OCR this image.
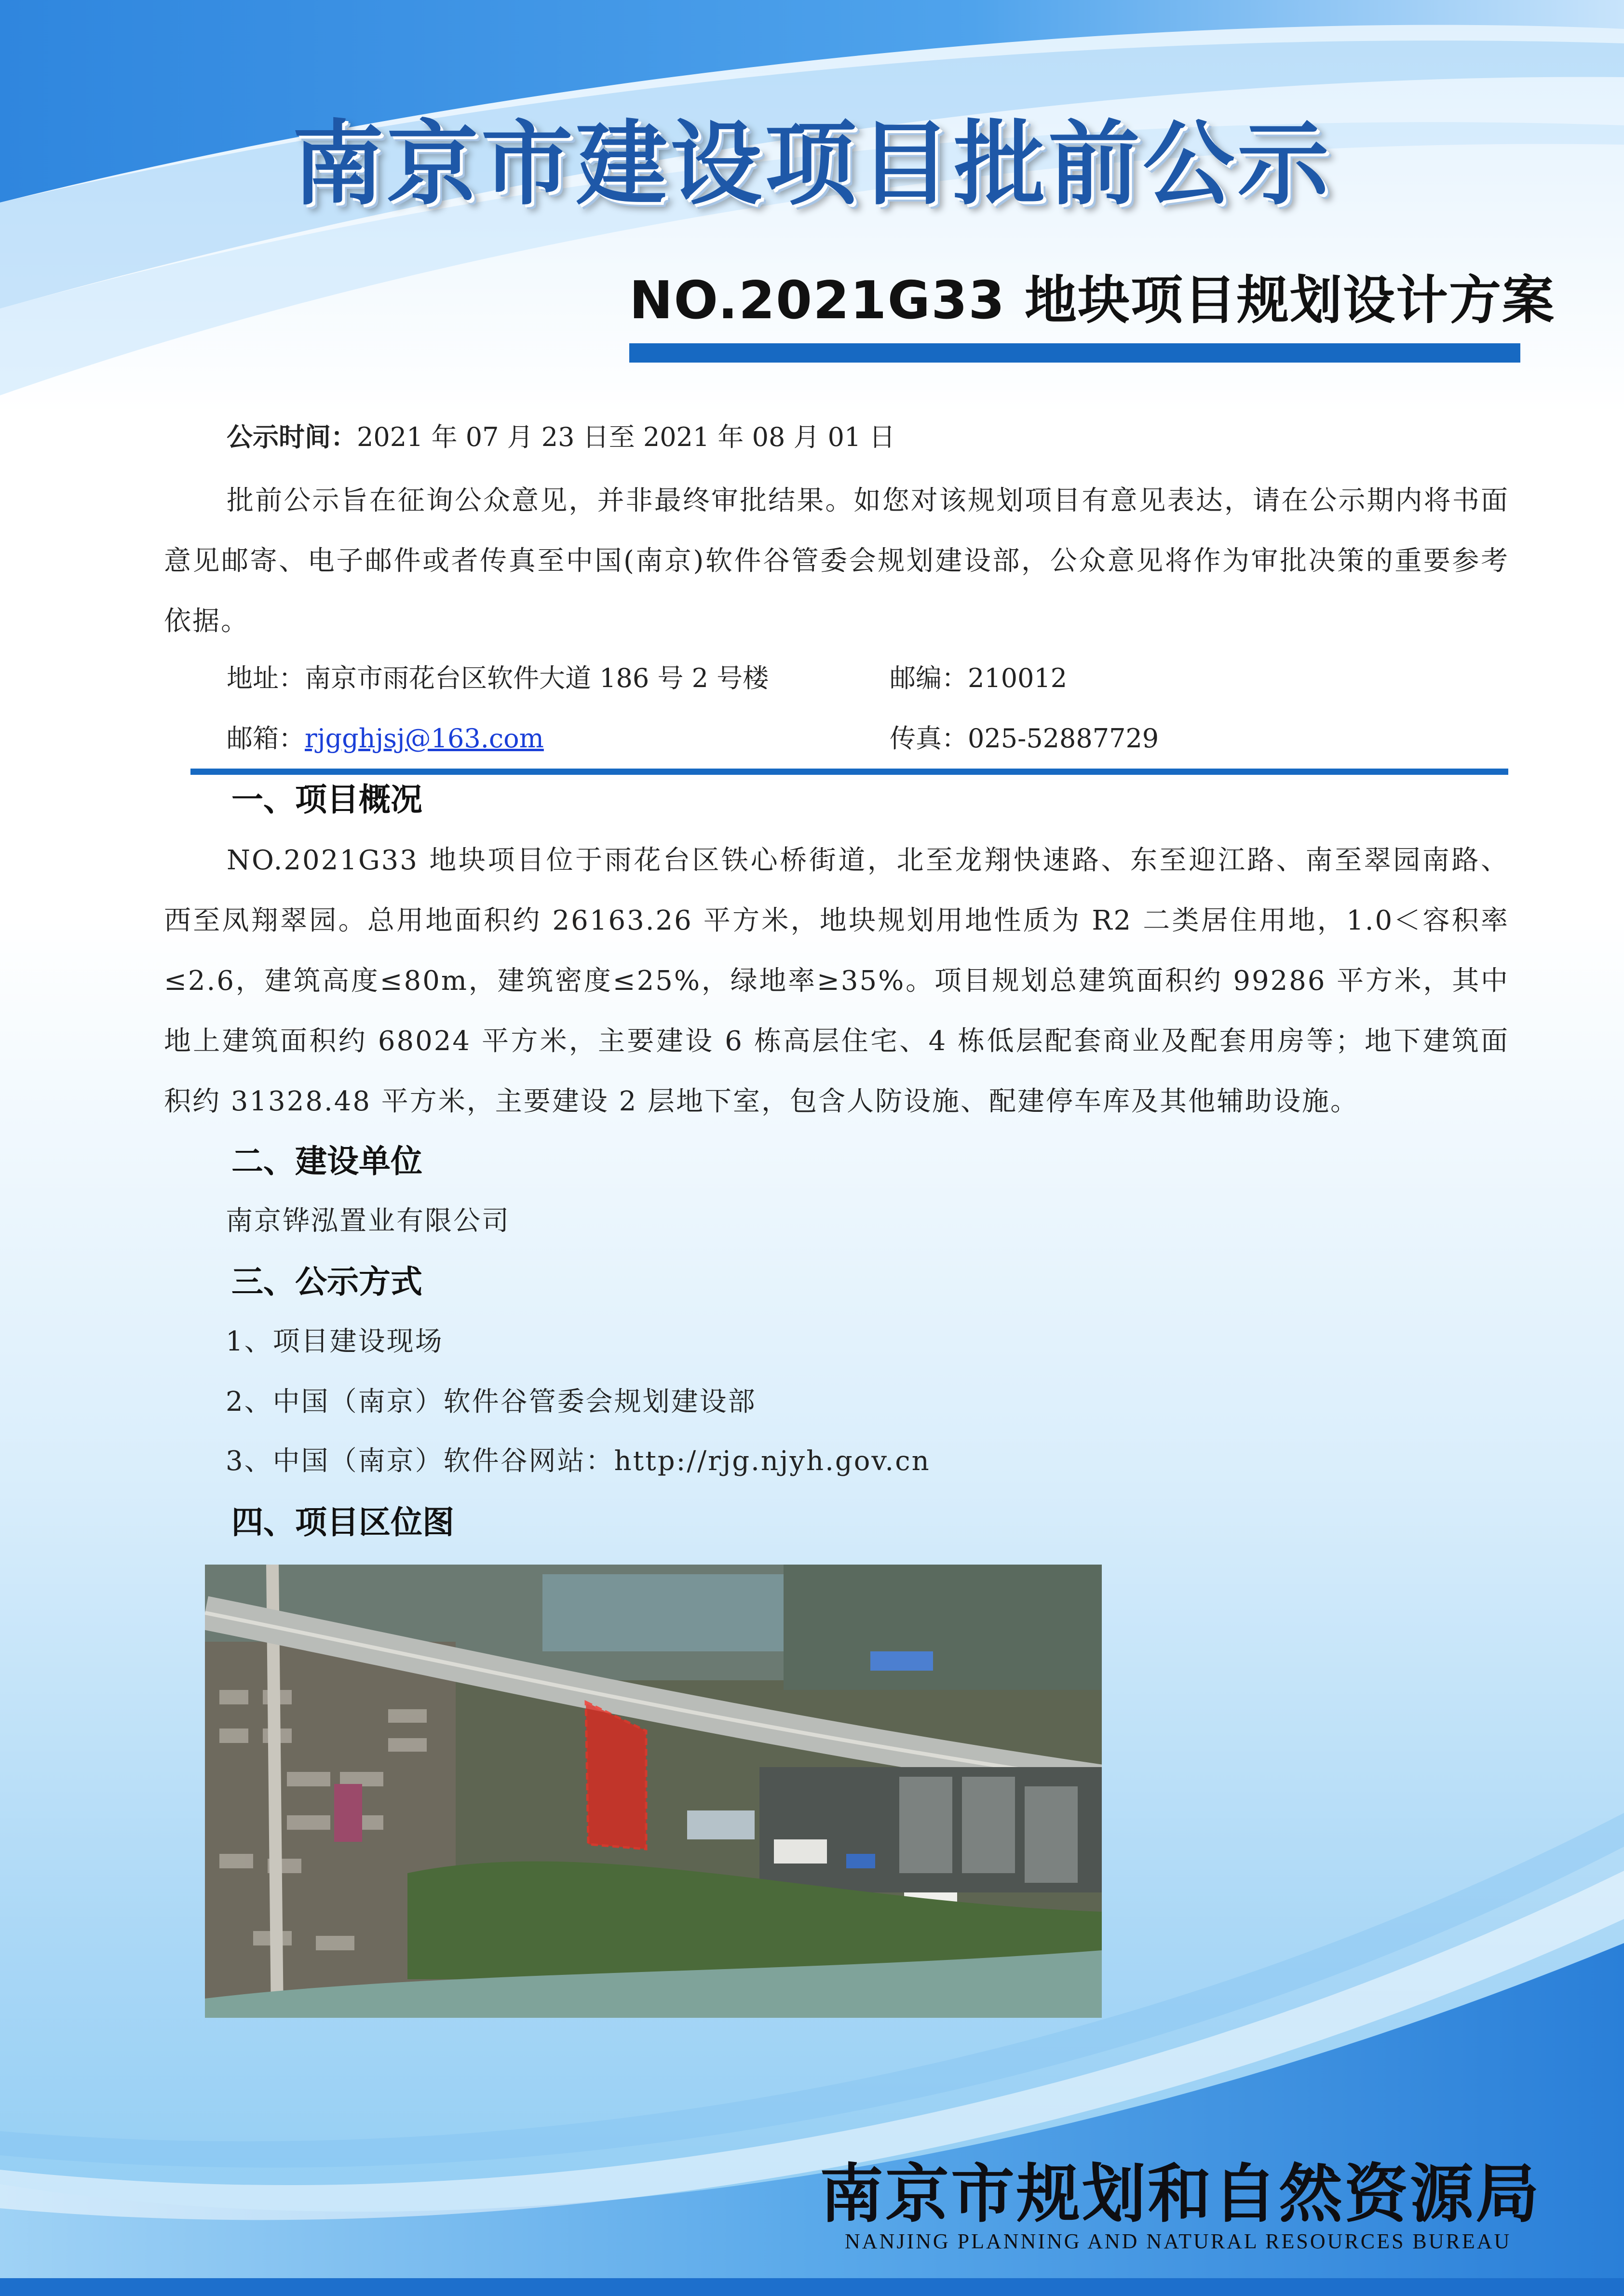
南京市建设项目批前公示
NO.2021G33 地块项目规划设计方案

公示时间：2021 年 07 月 23 日至 2021 年 08 月 01 日

批前公示旨在征询公众意见，并非最终审批结果。如您对该规划项目有意见表达，请在公示期内将书面意见邮寄、电子邮件或者传真至中国(南京)软件谷管委会规划建设部，公众意见将作为审批决策的重要参考依据。

地址：南京市雨花台区软件大道 186 号 2 号楼	邮编：210012

邮箱：rjgghjsj@163.com	传真：025-52887729

一、项目概况

NO.2021G33 地块项目位于雨花台区铁心桥街道，北至龙翔快速路、东至迎江路、南至翠园南路、西至凤翔翠园。总用地面积约 26163.26 平方米，地块规划用地性质为 R2 二类居住用地，1.0＜容积率≤2.6，建筑高度≤80m，建筑密度≤25%，绿地率≥35%。项目规划总建筑面积约 99286 平方米，其中地上建筑面积约 68024 平方米，主要建设 6 栋高层住宅、4 栋低层配套商业及配套用房等；地下建筑面积约 31328.48 平方米，主要建设 2 层地下室，包含人防设施、配建停车库及其他辅助设施。

二、建设单位

南京铧泓置业有限公司

三、公示方式

1、项目建设现场

2、中国（南京）软件谷管委会规划建设部

3、中国（南京）软件谷网站：http://rjg.njyh.gov.cn

四、项目区位图

南京市规划和自然资源局

NANJING PLANNING AND NATURAL RESOURCES BUREAU
